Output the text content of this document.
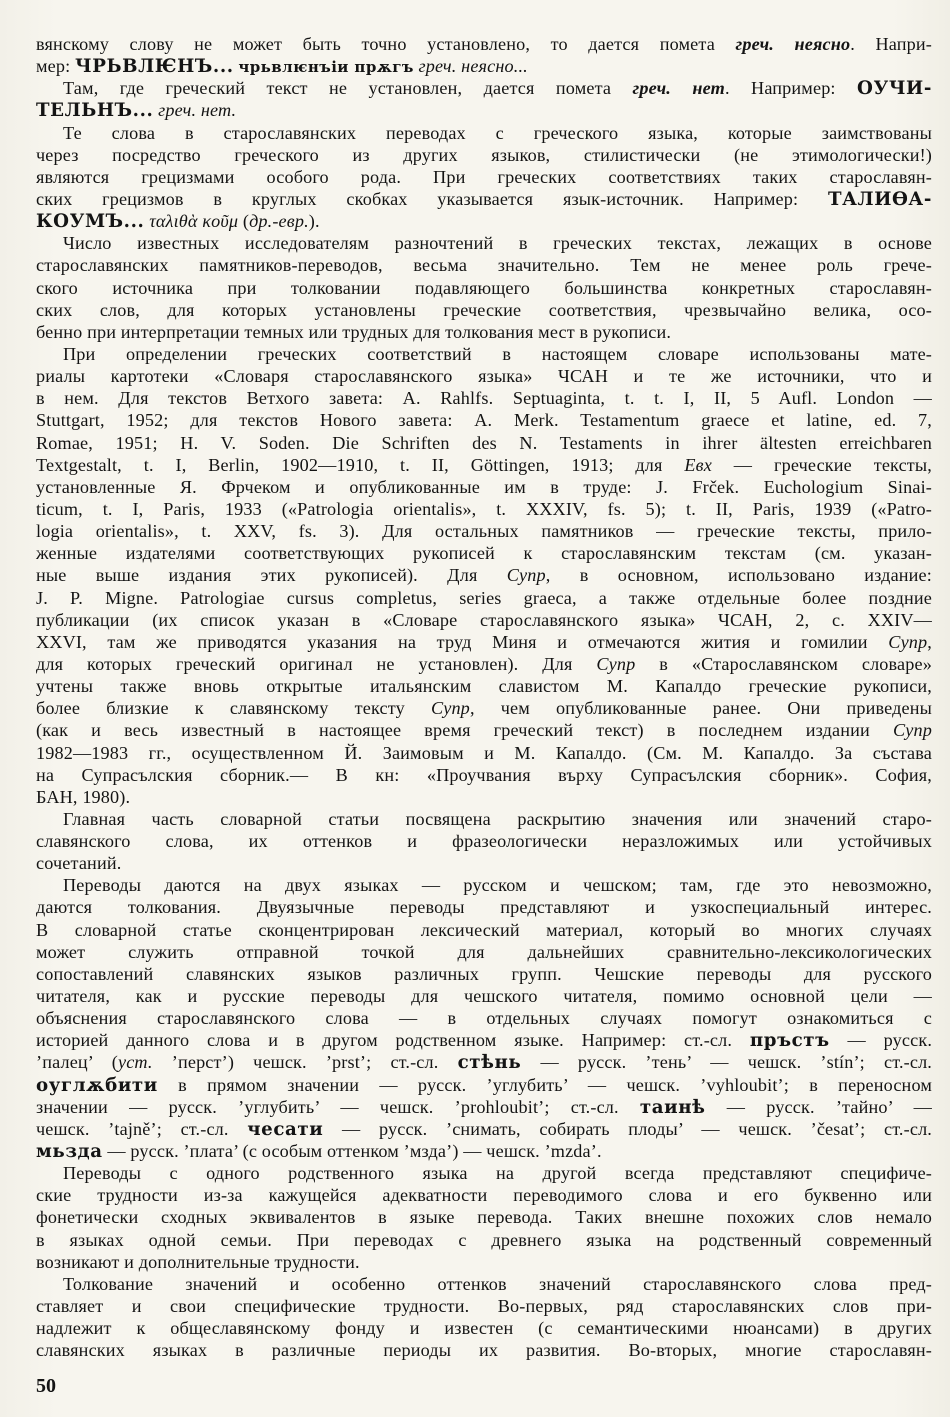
вянскому слову не может быть точно установлено, то дается помета греч. неясно. Напри-
мер: ЧРЬВЛѤНЪ... чрьвлѥнъіи прѫгъ греч. неясно...
Там, где греческий текст не установлен, дается помета греч. нет. Например: ОУЧИ-
ТЕЛЬНЪ... греч. нет.
Те слова в старославянских переводах с греческого языка, которые заимствованы
через посредство греческого из других языков, стилистически (не этимологически!)
являются грецизмами особого рода. При греческих соответствиях таких старославян-
ских грецизмов в круглых скобках указывается язык-источник. Например: ТАЛИѲА-
КОУМЪ... ταλιθὰ κοῦμ (др.-евр.).
Число известных исследователям разночтений в греческих текстах, лежащих в основе
старославянских памятников-переводов, весьма значительно. Тем не менее роль грече-
ского источника при толковании подавляющего большинства конкретных старославян-
ских слов, для которых установлены греческие соответствия, чрезвычайно велика, осо-
бенно при интерпретации темных или трудных для толкования мест в рукописи.
При определении греческих соответствий в настоящем словаре использованы мате-
риалы картотеки «Словаря старославянского языка» ЧСАН и те же источники, что и
в нем. Для текстов Ветхого завета: A. Rahlfs. Septuaginta, t. t. I, II, 5 Aufl. London —
Stuttgart, 1952; для текстов Нового завета: A. Merk. Testamentum graece et latine, ed. 7,
Romae, 1951; H. V. Soden. Die Schriften des N. Testaments in ihrer ältesten erreichbaren
Textgestalt, t. I, Berlin, 1902—1910, t. II, Göttingen, 1913; для Евх — греческие тексты,
установленные Я. Фрчеком и опубликованные им в труде: J. Frček. Euchologium Sinai-
ticum, t. I, Paris, 1933 («Patrologia orientalis», t. XXXIV, fs. 5); t. II, Paris, 1939 («Patro-
logia orientalis», t. XXV, fs. 3). Для остальных памятников — греческие тексты, прило-
женные издателями соответствующих рукописей к старославянским текстам (см. указан-
ные выше издания этих рукописей). Для Супр, в основном, использовано издание:
J. P. Migne. Patrologiae cursus completus, series graeca, а также отдельные более поздние
публикации (их список указан в «Словаре старославянского языка» ЧСАН, 2, с. XXIV—
XXVI, там же приводятся указания на труд Миня и отмечаются жития и гомилии Супр,
для которых греческий оригинал не установлен). Для Супр в «Старославянском словаре»
учтены также вновь открытые итальянским славистом М. Капалдо греческие рукописи,
более близкие к славянскому тексту Супр, чем опубликованные ранее. Они приведены
(как и весь известный в настоящее время греческий текст) в последнем издании Супр
1982—1983 гг., осуществленном Й. Заимовым и М. Капалдо. (См. М. Капалдо. За състава
на Супрасълския сборник.— В кн: «Проучвания върху Супрасълския сборник». София,
БАН, 1980).
Главная часть словарной статьи посвящена раскрытию значения или значений старо-
славянского слова, их оттенков и фразеологически неразложимых или устойчивых
сочетаний.
Переводы даются на двух языках — русском и чешском; там, где это невозможно,
даются толкования. Двуязычные переводы представляют и узкоспециальный интерес.
В словарной статье сконцентрирован лексический материал, который во многих случаях
может служить отправной точкой для дальнейших сравнительно-лексикологических
сопоставлений славянских языков различных групп. Чешские переводы для русского
читателя, как и русские переводы для чешского читателя, помимо основной цели —
объяснения старославянского слова — в отдельных случаях помогут ознакомиться с
историей данного слова и в другом родственном языке. Например: ст.-сл. пръстъ — русск.
’палец’ (уст. ’перст’) чешск. ’prst’; ст.-сл. стѣнь — русск. ’тень’ — чешск. ’stín’; ст.-сл.
оуглѫбити в прямом значении — русск. ’углубить’ — чешск. ’vyhloubit’; в переносном
значении — русск. ’углубить’ — чешск. ’prohloubit’; ст.-сл. таинѣ — русск. ’тайно’ —
чешск. ’tajně’; ст.-сл. чесати — русск. ’снимать, собирать плоды’ — чешск. ’česat’; ст.-сл.
мьзда — русск. ’плата’ (с особым оттенком ’мзда’) — чешск. ’mzda’.
Переводы с одного родственного языка на другой всегда представляют специфиче-
ские трудности из-за кажущейся адекватности переводимого слова и его буквенно или
фонетически сходных эквивалентов в языке перевода. Таких внешне похожих слов немало
в языках одной семьи. При переводах с древнего языка на родственный современный
возникают и дополнительные трудности.
Толкование значений и особенно оттенков значений старославянского слова пред-
ставляет и свои специфические трудности. Во-первых, ряд старославянских слов при-
надлежит к общеславянскому фонду и известен (с семантическими нюансами) в других
славянских языках в различные периоды их развития. Во-вторых, многие старославян-
50
